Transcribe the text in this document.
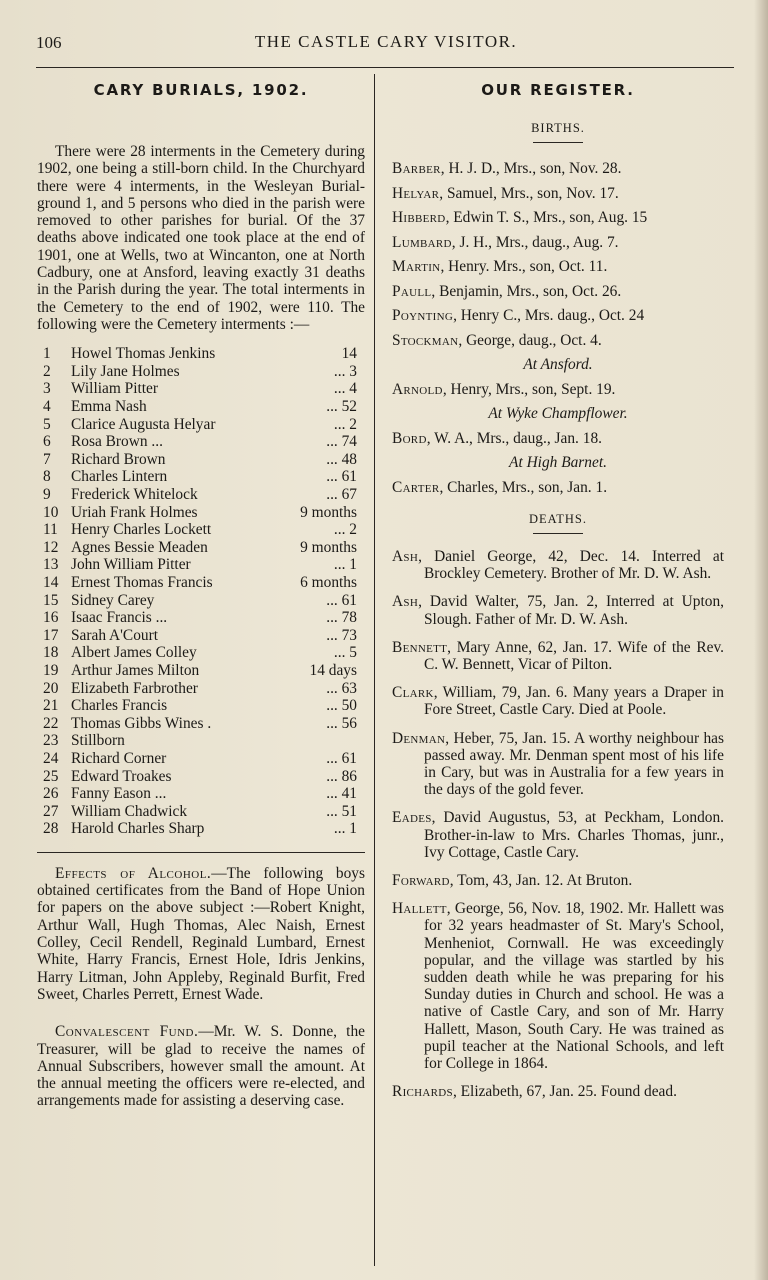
106	THE CASTLE CARY VISITOR.
CARY BURIALS, 1902.

There were 28 interments in the Cemetery during 1902, one being a still-born child. In the Churchyard there were 4 interments, in the Wesleyan Burial-ground 1, and 5 persons who died in the parish were removed to other parishes for burial. Of the 37 deaths above indicated one took place at the end of 1901, one at Wells, two at Wincanton, one at North Cadbury, one at Ansford, leaving exactly 31 deaths in the Parish during the year. The total interments in the Cemetery to the end of 1902, were 110. The following were the Cemetery interments :—

1	Howel Thomas Jenkins	14
2	Lily Jane Holmes	... 3
3	William Pitter	... 4
4	Emma Nash	... 52
5	Clarice Augusta Helyar	... 2
6	Rosa Brown ...	... 74
7	Richard Brown	... 48
8	Charles Lintern	... 61
9	Frederick Whitelock	... 67
10 Uriah Frank Holmes	9 months
11 Henry Charles Lockett	... 2
12 Agnes Bessie Meaden	9 months
13 John William Pitter	... 1
14 Ernest Thomas Francis	6 months
15 Sidney Carey	... 61
16 Isaac Francis ...	... 78
17 Sarah A'Court	... 73
18 Albert James Colley	... 5
19 Arthur James Milton	14 days
20 Elizabeth Farbrother	... 63
21 Charles Francis	... 50
22 Thomas Gibbs Wines .	... 56
23 Stillborn
24 Richard Corner	... 61
25 Edward Troakes	... 86
26 Fanny Eason ...	... 41
27 William Chadwick	... 51
28 Harold Charles Sharp	... 1

Effects of Alcohol.—The following boys obtained certificates from the Band of Hope Union for papers on the above subject :—Robert Knight, Arthur Wall, Hugh Thomas, Alec Naish, Ernest Colley, Cecil Rendell, Reginald Lumbard, Ernest White, Harry Francis, Ernest Hole, Idris Jenkins, Harry Litman, John Appleby, Reginald Burfit, Fred Sweet, Charles Perrett, Ernest Wade.

Convalescent Fund.—Mr. W. S. Donne, the Treasurer, will be glad to receive the names of Annual Subscribers, however small the amount. At the annual meeting the officers were re-elected, and arrangements made for assisting a deserving case.

OUR REGISTER.
BIRTHS.
Barber, H. J. D., Mrs., son, Nov. 28.
Helyar, Samuel, Mrs., son, Nov. 17.
Hibberd, Edwin T. S., Mrs., son, Aug. 15
Lumbard, J. H., Mrs., daug., Aug. 7.
Martin, Henry. Mrs., son, Oct. 11.
Paull, Benjamin, Mrs., son, Oct. 26.
Poynting, Henry C., Mrs. daug., Oct. 24
Stockman, George, daug., Oct. 4.
At Ansford.
Arnold, Henry, Mrs., son, Sept. 19.
At Wyke Champflower.
Bord, W. A., Mrs., daug., Jan. 18.
At High Barnet.
Carter, Charles, Mrs., son, Jan. 1.
DEATHS.

Ash, Daniel George, 42, Dec. 14. Interred at Brockley Cemetery. Brother of Mr. D. W. Ash.

Ash, David Walter, 75, Jan. 2, Interred at Upton, Slough. Father of Mr. D. W. Ash.

Bennett, Mary Anne, 62, Jan. 17. Wife of the Rev. C. W. Bennett, Vicar of Pilton.

Clark, William, 79, Jan. 6. Many years a Draper in Fore Street, Castle Cary. Died at Poole.

Denman, Heber, 75, Jan. 15. A worthy neighbour has passed away. Mr. Denman spent most of his life in Cary, but was in Australia for a few years in the days of the gold fever.

Eades, David Augustus, 53, at Peckham, London. Brother-in-law to Mrs. Charles Thomas, junr., Ivy Cottage, Castle Cary.

Forward, Tom, 43, Jan. 12. At Bruton.

Hallett, George, 56, Nov. 18, 1902. Mr. Hallett was for 32 years headmaster of St. Mary's School, Menheniot, Cornwall. He was exceedingly popular, and the village was startled by his sudden death while he was preparing for his Sunday duties in Church and school. He was a native of Castle Cary, and son of Mr. Harry Hallett, Mason, South Cary. He was trained as pupil teacher at the National Schools, and left for College in 1864.

Richards, Elizabeth, 67, Jan. 25. Found dead.
